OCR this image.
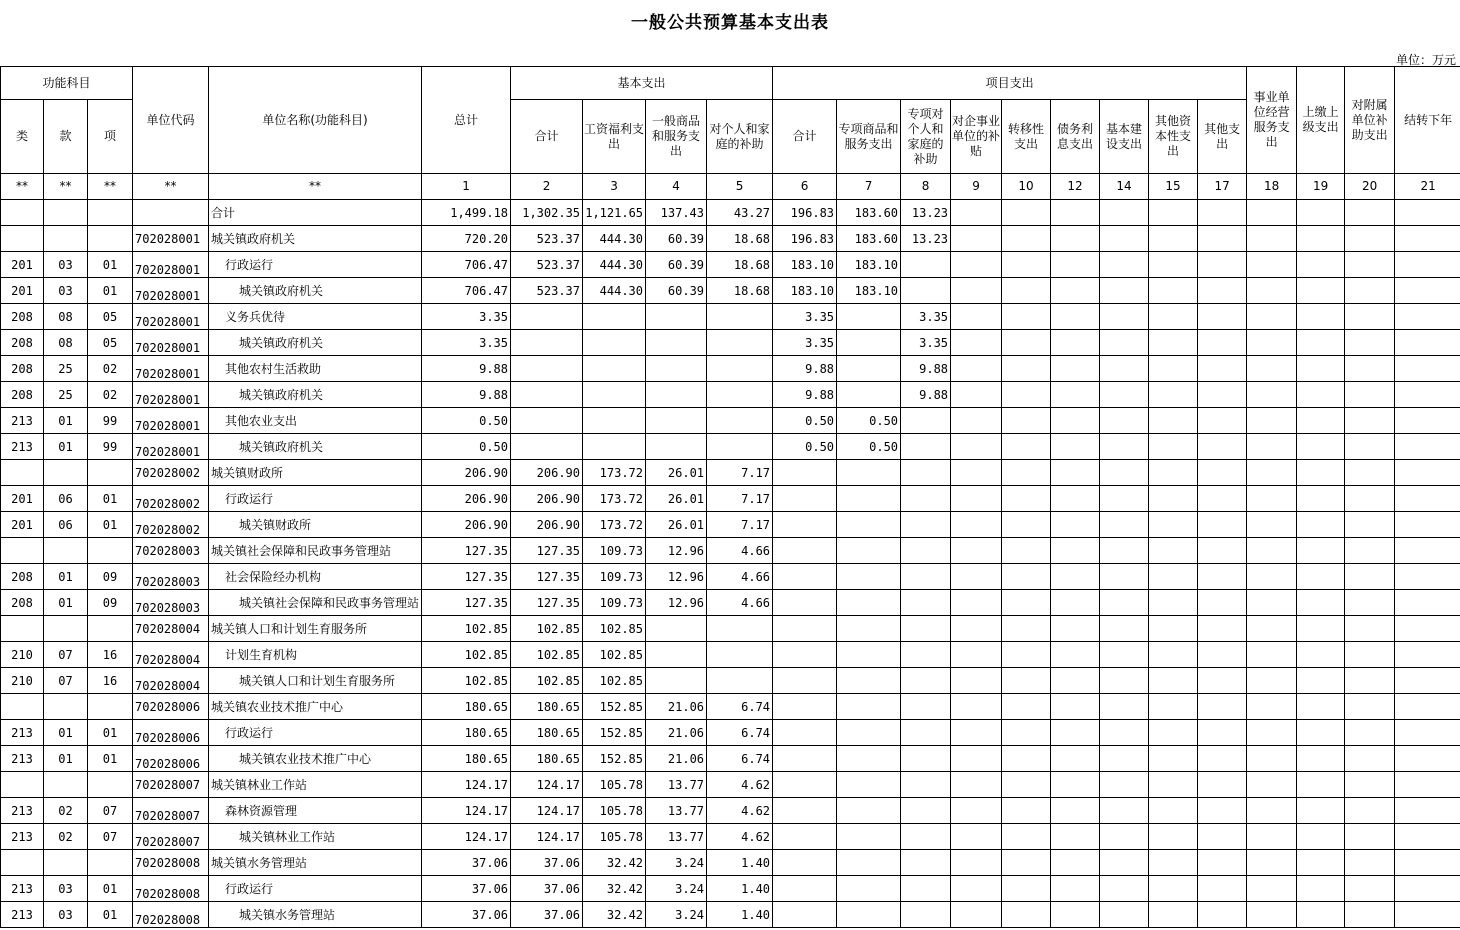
一般公共预算基本支出表
单位：万元
功能科目			单位代码	单位名称(功能科目)	总计	基本支出				项目支出									事业单位经营服务支出	上缴上级支出	对附属单位补助支出	结转下年
类	款	项				合计	工资福利支出	一般商品和服务支出	对个人和家庭的补助	合计	专项商品和服务支出	专项对个人和家庭的补助	对企事业单位的补贴	转移性支出	债务利息支出	基本建设支出	其他资本性支出	其他支出				
**	**	**	**	**	1	2	3	4	5	6	7	8	9	10	12	14	15	17	18	19	20	21
				合计	1,499.18	1,302.35	1,121.65	137.43	43.27	196.83	183.60	13.23										
			702028001	城关镇政府机关	720.20	523.37	444.30	60.39	18.68	196.83	183.60	13.23										
201	03	01	702028001	行政运行	706.47	523.37	444.30	60.39	18.68	183.10	183.10											
201	03	01	702028001	城关镇政府机关	706.47	523.37	444.30	60.39	18.68	183.10	183.10											
208	08	05	702028001	义务兵优待	3.35					3.35		3.35										
208	08	05	702028001	城关镇政府机关	3.35					3.35		3.35										
208	25	02	702028001	其他农村生活救助	9.88					9.88		9.88										
208	25	02	702028001	城关镇政府机关	9.88					9.88		9.88										
213	01	99	702028001	其他农业支出	0.50					0.50	0.50											
213	01	99	702028001	城关镇政府机关	0.50					0.50	0.50											
			702028002	城关镇财政所	206.90	206.90	173.72	26.01	7.17													
201	06	01	702028002	行政运行	206.90	206.90	173.72	26.01	7.17													
201	06	01	702028002	城关镇财政所	206.90	206.90	173.72	26.01	7.17													
			702028003	城关镇社会保障和民政事务管理站	127.35	127.35	109.73	12.96	4.66													
208	01	09	702028003	社会保险经办机构	127.35	127.35	109.73	12.96	4.66													
208	01	09	702028003	城关镇社会保障和民政事务管理站	127.35	127.35	109.73	12.96	4.66													
			702028004	城关镇人口和计划生育服务所	102.85	102.85	102.85															
210	07	16	702028004	计划生育机构	102.85	102.85	102.85															
210	07	16	702028004	城关镇人口和计划生育服务所	102.85	102.85	102.85															
			702028006	城关镇农业技术推广中心	180.65	180.65	152.85	21.06	6.74													
213	01	01	702028006	行政运行	180.65	180.65	152.85	21.06	6.74													
213	01	01	702028006	城关镇农业技术推广中心	180.65	180.65	152.85	21.06	6.74													
			702028007	城关镇林业工作站	124.17	124.17	105.78	13.77	4.62													
213	02	07	702028007	森林资源管理	124.17	124.17	105.78	13.77	4.62													
213	02	07	702028007	城关镇林业工作站	124.17	124.17	105.78	13.77	4.62													
			702028008	城关镇水务管理站	37.06	37.06	32.42	3.24	1.40													
213	03	01	702028008	行政运行	37.06	37.06	32.42	3.24	1.40													
213	03	01	702028008	城关镇水务管理站	37.06	37.06	32.42	3.24	1.40													
